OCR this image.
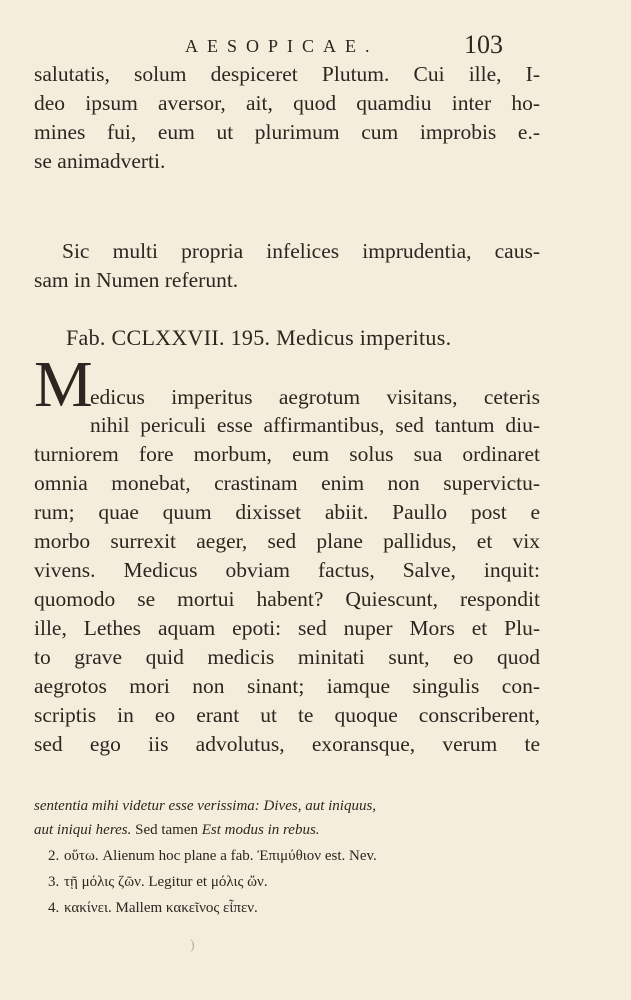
AESOPICAE.	103
salutatis, solum despiceret Plutum. Cui ille, I-
deo ipsum aversor, ait, quod quamdiu inter ho-
mines fui, eum ut plurimum cum improbis e.-
se animadverti.
Sic multi propria infelices imprudentia, caus-
sam in Numen referunt.
Fab. CCLXXVII. 195. Medicus imperitus.
M
edicus imperitus aegrotum visitans, ceteris
nihil periculi esse affirmantibus, sed tantum diu-
turniorem fore morbum, eum solus sua ordinaret
omnia monebat, crastinam enim non supervictu-
rum; quae quum dixisset abiit. Paullo post e
morbo surrexit aeger, sed plane pallidus, et vix
vivens. Medicus obviam factus, Salve, inquit:
quomodo se mortui habent? Quiescunt, respondit
ille, Lethes aquam epoti: sed nuper Mors et Plu-
to grave quid medicis minitati sunt, eo quod
aegrotos mori non sinant; iamque singulis con-
scriptis in eo erant ut te quoque conscriberent,
sed ego iis advolutus, exoransque, verum te
sententia mihi videtur esse verissima: Dives, aut iniquus,
aut iniqui heres. Sed tamen Est modus in rebus.
2. οὕτω. Alienum hoc plane a fab. Ἐπιμύθιον est. Nev.
3. τῇ μόλις ζῶν. Legitur et μόλις ὤν.
4. κακίνει. Mallem κακεῖνος εἶπεν.
)
